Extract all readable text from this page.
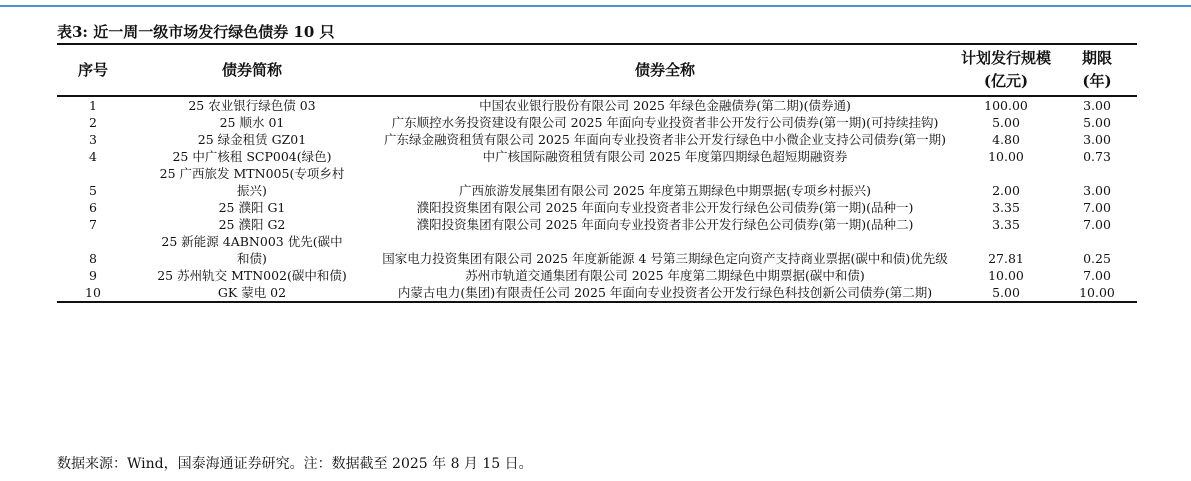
表3: 近一周一级市场发行绿色债券 10 只
序号	债券简称	债券全称	计划发行规模(亿元)	期限(年)
1	25 农业银行绿色债 03	中国农业银行股份有限公司 2025 年绿色金融债券(第二期)(债券通)	100.00	3.00
2	25 顺水 01	广东顺控水务投资建设有限公司 2025 年面向专业投资者非公开发行公司债券(第一期)(可持续挂钩)	5.00	5.00
3	25 绿金租赁 GZ01	广东绿金融资租赁有限公司 2025 年面向专业投资者非公开发行绿色中小微企业支持公司债券(第一期)	4.80	3.00
4	25 中广核租 SCP004(绿色)	中广核国际融资租赁有限公司 2025 年度第四期绿色超短期融资券	10.00	0.73
5	25 广西旅发 MTN005(专项乡村振兴)	广西旅游发展集团有限公司 2025 年度第五期绿色中期票据(专项乡村振兴)	2.00	3.00
6	25 濮阳 G1	濮阳投资集团有限公司 2025 年面向专业投资者非公开发行绿色公司债券(第一期)(品种一)	3.35	7.00
7	25 濮阳 G2	濮阳投资集团有限公司 2025 年面向专业投资者非公开发行绿色公司债券(第一期)(品种二)	3.35	7.00
8	25 新能源 4ABN003 优先(碳中和债)	国家电力投资集团有限公司 2025 年度新能源 4 号第三期绿色定向资产支持商业票据(碳中和债)优先级	27.81	0.25
9	25 苏州轨交 MTN002(碳中和债)	苏州市轨道交通集团有限公司 2025 年度第二期绿色中期票据(碳中和债)	10.00	7.00
10	GK 蒙电 02	内蒙古电力(集团)有限责任公司 2025 年面向专业投资者公开发行绿色科技创新公司债券(第二期)	5.00	10.00
数据来源：Wind，国泰海通证券研究。注：数据截至 2025 年 8 月 15 日。
